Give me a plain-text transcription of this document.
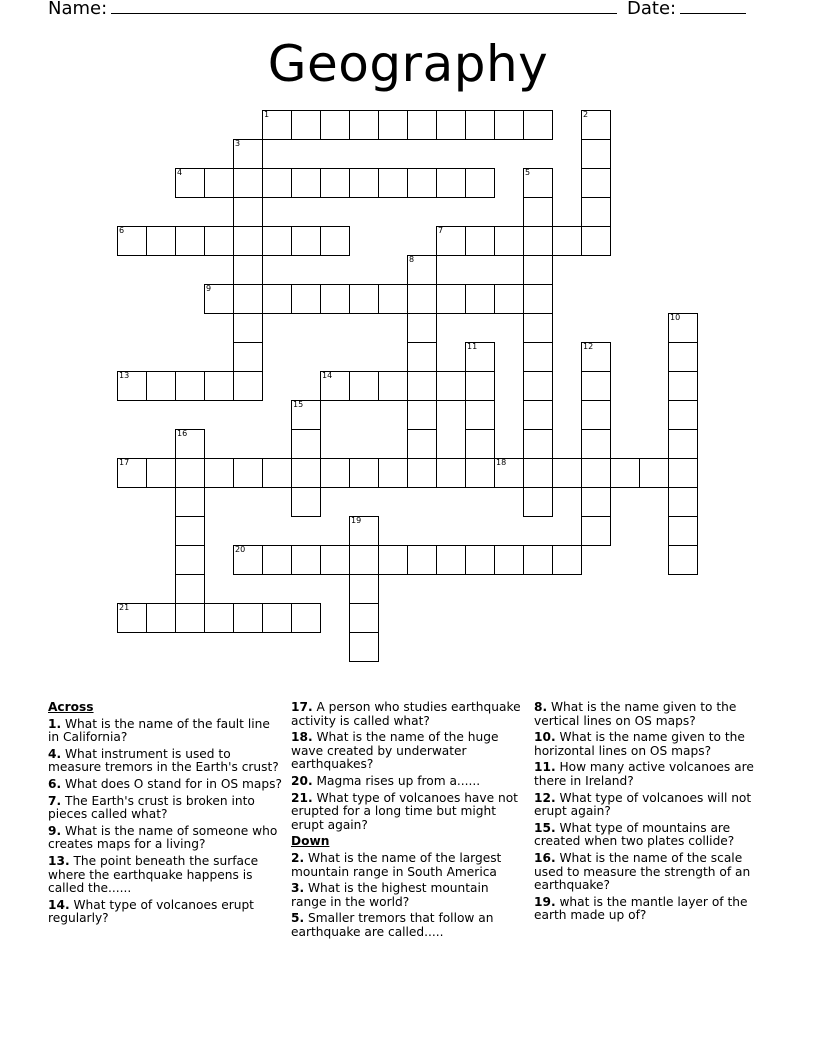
Name:	Date:
Geography
1	2
3
4	5
6	7
8
9
10
11	12
13	14
15
16
17	18
19
20
21
Across
1. What is the name of the fault line in California?
4. What instrument is used to measure tremors in the Earth's crust?
6. What does O stand for in OS maps?
7. The Earth's crust is broken into pieces called what?
9. What is the name of someone who creates maps for a living?
13. The point beneath the surface where the earthquake happens is called the......
14. What type of volcanoes erupt regularly?
17. A person who studies earthquake activity is called what?
18. What is the name of the huge wave created by underwater earthquakes?
20. Magma rises up from a......
21. What type of volcanoes have not erupted for a long time but might erupt again?
Down
2. What is the name of the largest mountain range in South America
3. What is the highest mountain range in the world?
5. Smaller tremors that follow an earthquake are called.....
8. What is the name given to the vertical lines on OS maps?
10. What is the name given to the horizontal lines on OS maps?
11. How many active volcanoes are there in Ireland?
12. What type of volcanoes will not erupt again?
15. What type of mountains are created when two plates collide?
16. What is the name of the scale used to measure the strength of an earthquake?
19. what is the mantle layer of the earth made up of?
